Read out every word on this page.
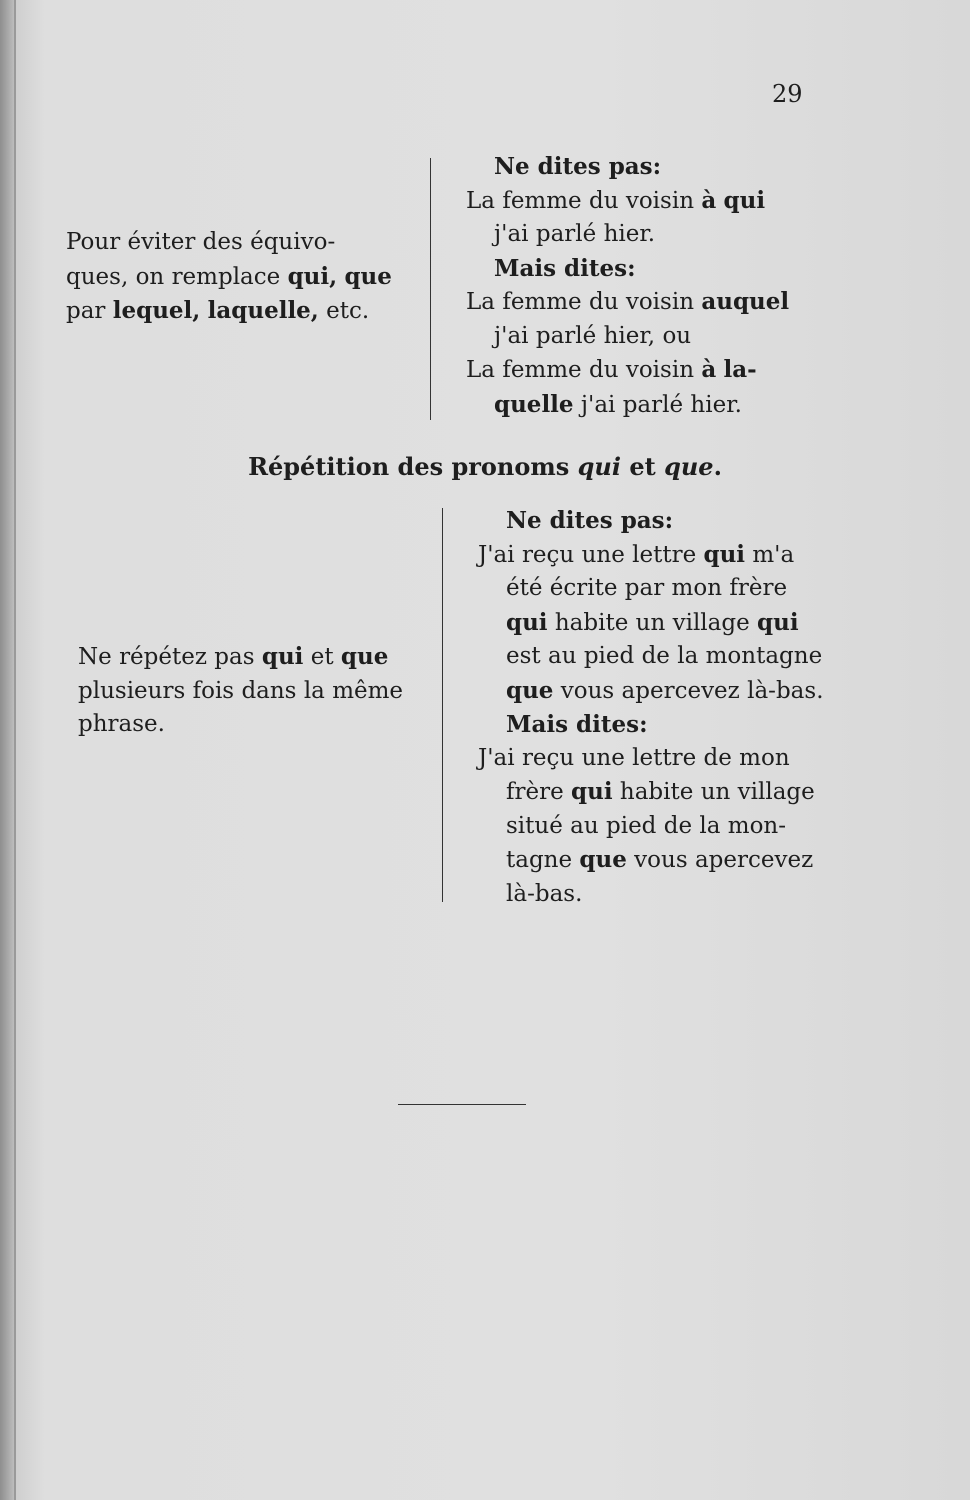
29
Pour éviter des équivo-
ques, on remplace qui, que
par lequel, laquelle, etc.
Ne dites pas:
La femme du voisin à qui
j'ai parlé hier.
Mais dites:
La femme du voisin auquel
j'ai parlé hier, ou
La femme du voisin à la-
quelle j'ai parlé hier.
Répétition des pronoms qui et que.
Ne répétez pas qui et que
plusieurs fois dans la même
phrase.
Ne dites pas:
J'ai reçu une lettre qui m'a
été écrite par mon frère
qui habite un village qui
est au pied de la montagne
que vous apercevez là-bas.
Mais dites:
J'ai reçu une lettre de mon
frère qui habite un village
situé au pied de la mon-
tagne que vous apercevez
là-bas.
